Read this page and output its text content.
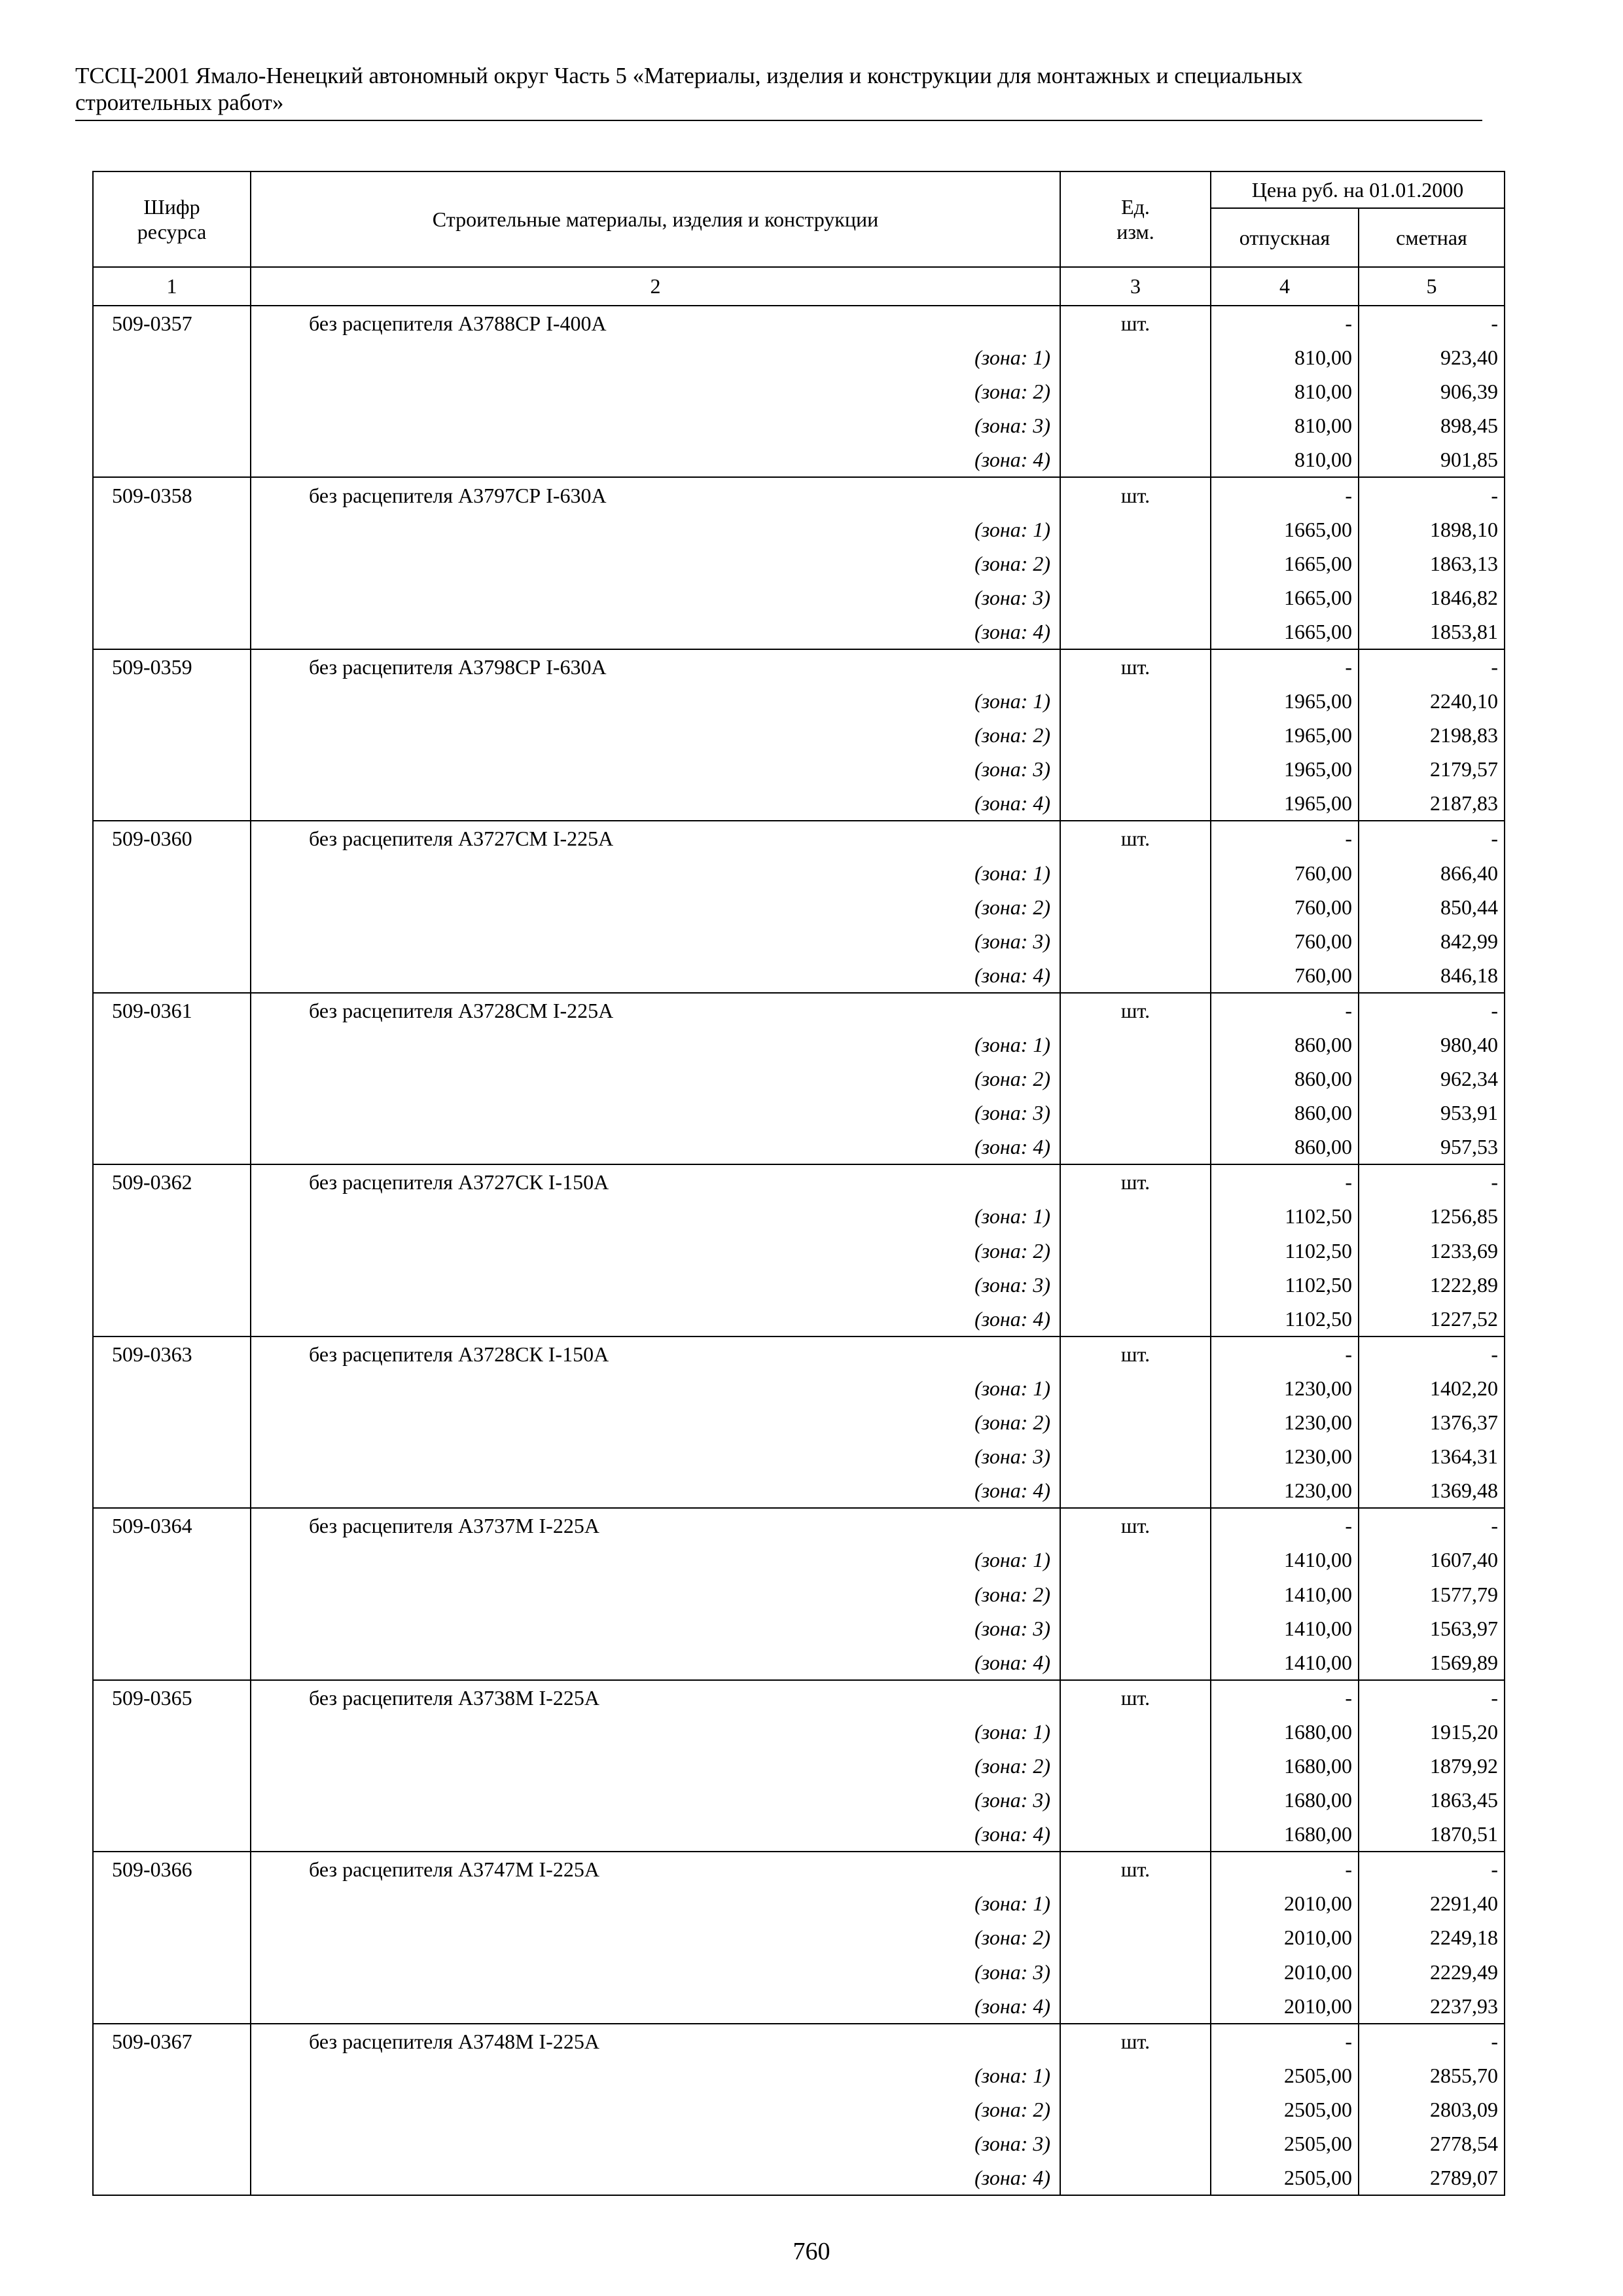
ТССЦ-2001 Ямало-Ненецкий автономный округ Часть 5 «Материалы, изделия и конструкции для монтажных и специальных
строительных работ»
Шифр ресурса	Строительные материалы, изделия и конструкции	Ед. изм.	Цена руб. на 01.01.2000	
			отпускная	сметная
1	2	3	4	5
509-0357	без расцепителя А3788СР I-400А	шт.	-	-
	(зона: 1)		810,00	923,40
	(зона: 2)		810,00	906,39
	(зона: 3)		810,00	898,45
	(зона: 4)		810,00	901,85
509-0358	без расцепителя А3797СР I-630А	шт.	-	-
	(зона: 1)		1665,00	1898,10
	(зона: 2)		1665,00	1863,13
	(зона: 3)		1665,00	1846,82
	(зона: 4)		1665,00	1853,81
509-0359	без расцепителя А3798СР I-630А	шт.	-	-
	(зона: 1)		1965,00	2240,10
	(зона: 2)		1965,00	2198,83
	(зона: 3)		1965,00	2179,57
	(зона: 4)		1965,00	2187,83
509-0360	без расцепителя А3727СМ I-225А	шт.	-	-
	(зона: 1)		760,00	866,40
	(зона: 2)		760,00	850,44
	(зона: 3)		760,00	842,99
	(зона: 4)		760,00	846,18
509-0361	без расцепителя А3728СМ I-225А	шт.	-	-
	(зона: 1)		860,00	980,40
	(зона: 2)		860,00	962,34
	(зона: 3)		860,00	953,91
	(зона: 4)		860,00	957,53
509-0362	без расцепителя А3727СК I-150А	шт.	-	-
	(зона: 1)		1102,50	1256,85
	(зона: 2)		1102,50	1233,69
	(зона: 3)		1102,50	1222,89
	(зона: 4)		1102,50	1227,52
509-0363	без расцепителя А3728СК I-150А	шт.	-	-
	(зона: 1)		1230,00	1402,20
	(зона: 2)		1230,00	1376,37
	(зона: 3)		1230,00	1364,31
	(зона: 4)		1230,00	1369,48
509-0364	без расцепителя А3737М I-225А	шт.	-	-
	(зона: 1)		1410,00	1607,40
	(зона: 2)		1410,00	1577,79
	(зона: 3)		1410,00	1563,97
	(зона: 4)		1410,00	1569,89
509-0365	без расцепителя А3738М I-225А	шт.	-	-
	(зона: 1)		1680,00	1915,20
	(зона: 2)		1680,00	1879,92
	(зона: 3)		1680,00	1863,45
	(зона: 4)		1680,00	1870,51
509-0366	без расцепителя А3747М I-225А	шт.	-	-
	(зона: 1)		2010,00	2291,40
	(зона: 2)		2010,00	2249,18
	(зона: 3)		2010,00	2229,49
	(зона: 4)		2010,00	2237,93
509-0367	без расцепителя А3748М I-225А	шт.	-	-
	(зона: 1)		2505,00	2855,70
	(зона: 2)		2505,00	2803,09
	(зона: 3)		2505,00	2778,54
	(зона: 4)		2505,00	2789,07
760
